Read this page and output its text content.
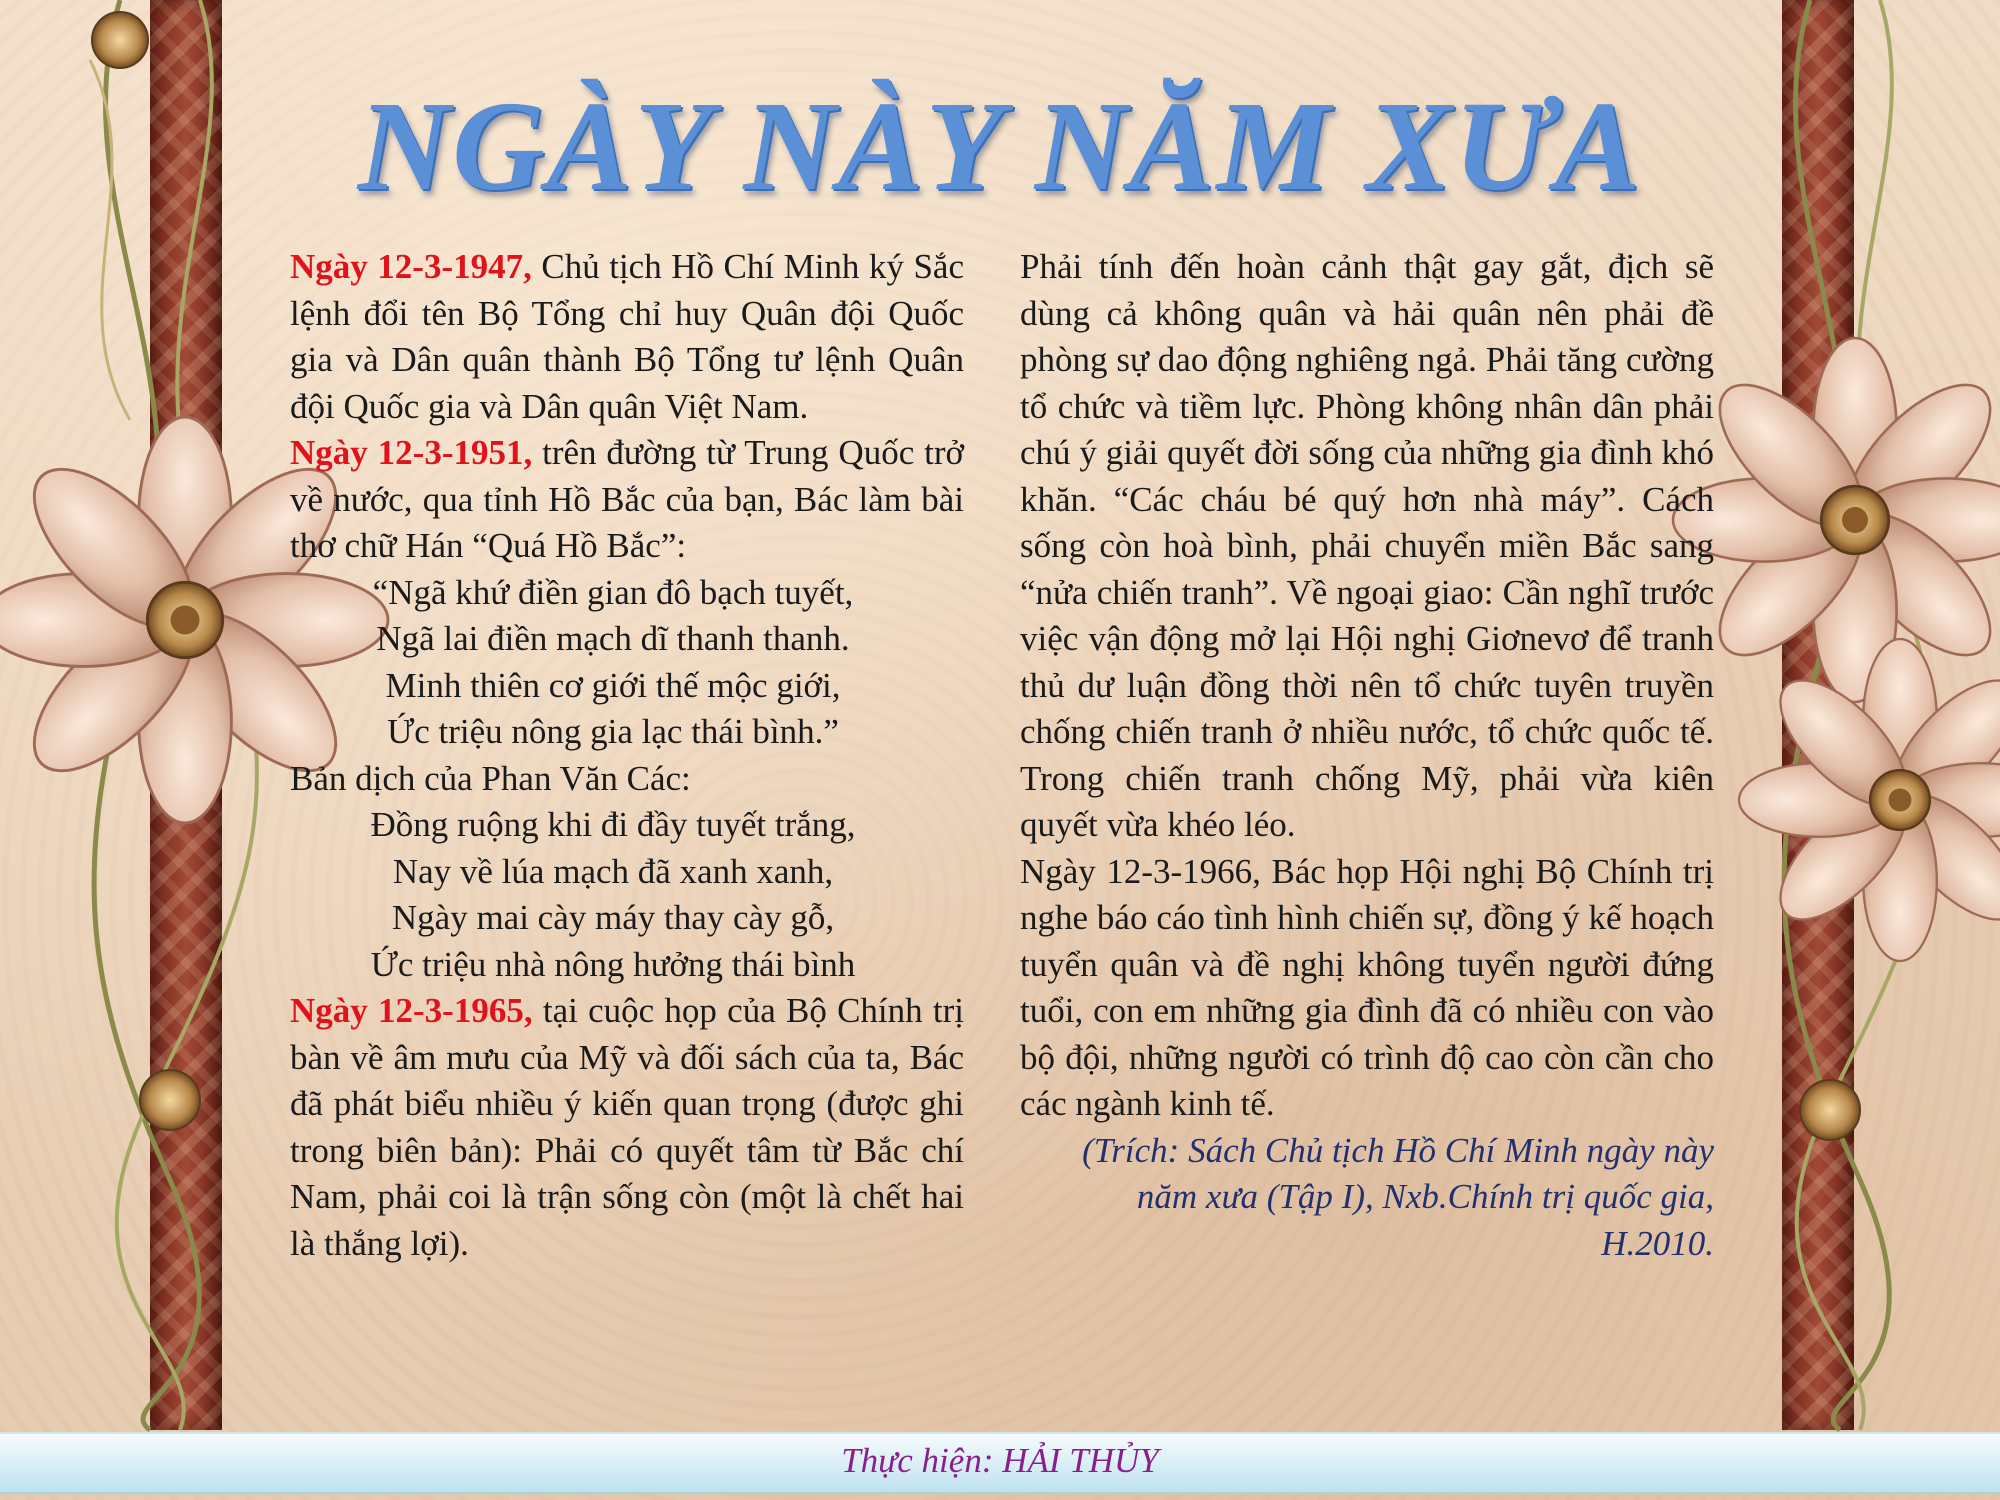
NGÀY NÀY NĂM XƯA

Ngày 12-3-1947, Chủ tịch Hồ Chí Minh ký Sắc lệnh đổi tên Bộ Tổng chỉ huy Quân đội Quốc gia và Dân quân thành Bộ Tổng tư lệnh Quân đội Quốc gia và Dân quân Việt Nam.

Ngày 12-3-1951, trên đường từ Trung Quốc trở về nước, qua tỉnh Hồ Bắc của bạn, Bác làm bài thơ chữ Hán “Quá Hồ Bắc”:

“Ngã khứ điền gian đô bạch tuyết,

Ngã lai điền mạch dĩ thanh thanh.

Minh thiên cơ giới thế mộc giới,

Ức triệu nông gia lạc thái bình.”

Bản dịch của Phan Văn Các:

Đồng ruộng khi đi đầy tuyết trắng,

Nay về lúa mạch đã xanh xanh,

Ngày mai cày máy thay cày gỗ,

Ức triệu nhà nông hưởng thái bình

Ngày 12-3-1965, tại cuộc họp của Bộ Chính trị bàn về âm mưu của Mỹ và đối sách của ta, Bác đã phát biểu nhiều ý kiến quan trọng (được ghi trong biên bản): Phải có quyết tâm từ Bắc chí Nam, phải coi là trận sống còn (một là chết hai là thắng lợi).

Phải tính đến hoàn cảnh thật gay gắt, địch sẽ dùng cả không quân và hải quân nên phải đề phòng sự dao động nghiêng ngả. Phải tăng cường tổ chức và tiềm lực. Phòng không nhân dân phải chú ý giải quyết đời sống của những gia đình khó khăn. “Các cháu bé quý hơn nhà máy”. Cách sống còn hoà bình, phải chuyển miền Bắc sang “nửa chiến tranh”. Về ngoại giao: Cần nghĩ trước việc vận động mở lại Hội nghị Giơnevơ để tranh thủ dư luận đồng thời nên tổ chức tuyên truyền chống chiến tranh ở nhiều nước, tổ chức quốc tế. Trong chiến tranh chống Mỹ, phải vừa kiên quyết vừa khéo léo.

Ngày 12-3-1966, Bác họp Hội nghị Bộ Chính trị nghe báo cáo tình hình chiến sự, đồng ý kế hoạch tuyển quân và đề nghị không tuyển người đứng tuổi, con em những gia đình đã có nhiều con vào bộ đội, những người có trình độ cao còn cần cho các ngành kinh tế.

(Trích: Sách Chủ tịch Hồ Chí Minh ngày này năm xưa (Tập I), Nxb.Chính trị quốc gia, H.2010.

Thực hiện: HẢI THỦY
